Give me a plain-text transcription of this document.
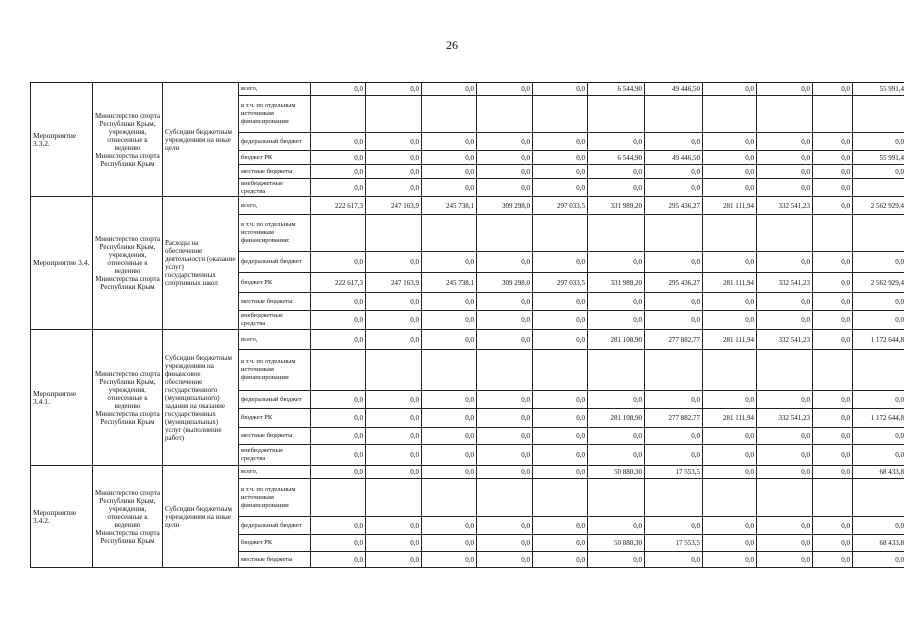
26
Мероприятие 3.3.2.	Министерство спорта Республики Крым, учреждения, отнесенные к ведению Министерства спорта Республики Крым	Субсидии бюджетным учреждениям на иные цели	всего,	0,0	0,0	0,0	0,0	0,0	6 544,90	49 446,50	0,0	0,0	0,0	55 991,4
			в т.ч. по отдельным источникам финансирования:											
			федеральный бюджет	0,0	0,0	0,0	0,0	0,0	0,0	0,0	0,0	0,0	0,0	0,0
			бюджет РК	0,0	0,0	0,0	0,0	0,0	6 544,90	49 446,50	0,0	0,0	0,0	55 991,4
			местные бюджеты	0,0	0,0	0,0	0,0	0,0	0,0	0,0	0,0	0,0	0,0	0,0
			внебюджетные средства	0,0	0,0	0,0	0,0	0,0	0,0	0,0	0,0	0,0	0,0	
Мероприятие 3.4.	Министерство спорта Республики Крым, учреждения, отнесенные к ведению Министерства спорта Республики Крым	Расходы на обеспечение деятельности (оказание услуг) государственных спортивных школ	всего,	222 617,3	247 163,9	245 738,1	309 298,0	297 033,5	331 989,20	295 436,27	281 111,94	332 541,23	0,0	2 562 929,4
			в т.ч. по отдельным источникам финансирования:											
			федеральный бюджет	0,0	0,0	0,0	0,0	0,0	0,0	0,0	0,0	0,0	0,0	0,0
			бюджет РК	222 617,3	247 163,9	245 738,1	309 298,0	297 033,5	331 989,20	295 436,27	281 111,94	332 541,23	0,0	2 562 929,4
			местные бюджеты	0,0	0,0	0,0	0,0	0,0	0,0	0,0	0,0	0,0	0,0	0,0
			внебюджетные средства	0,0	0,0	0,0	0,0	0,0	0,0	0,0	0,0	0,0	0,0	0,0
Мероприятие 3.4.1.	Министерство спорта Республики Крым, учреждения, отнесенные к ведению Министерства спорта Республики Крым	Субсидии бюджетным учреждениям на финансовое обеспечение государственного (муниципального) задания на оказание государственных (муниципальных) услуг (выполнение работ)	всего,	0,0	0,0	0,0	0,0	0,0	281 108,90	277 882,77	281 111,94	332 541,23	0,0	1 172 644,8
			в т.ч. по отдельным источникам финансирования:											
			федеральный бюджет	0,0	0,0	0,0	0,0	0,0	0,0	0,0	0,0	0,0	0,0	0,0
			бюджет РК	0,0	0,0	0,0	0,0	0,0	281 108,90	277 882,77	281 111,94	332 541,23	0,0	1 172 644,8
			местные бюджеты	0,0	0,0	0,0	0,0	0,0	0,0	0,0	0,0	0,0	0,0	0,0
			внебюджетные средства	0,0	0,0	0,0	0,0	0,0	0,0	0,0	0,0	0,0	0,0	0,0
Мероприятие 3.4.2.	Министерство спорта Республики Крым, учреждения, отнесенные к ведению Министерства спорта Республики Крым	Субсидии бюджетным учреждениям на иные цели	всего,	0,0	0,0	0,0	0,0	0,0	50 880,30	17 553,5	0,0	0,0	0,0	68 433,8
			в т.ч. по отдельным источникам финансирования:											
			федеральный бюджет	0,0	0,0	0,0	0,0	0,0	0,0	0,0	0,0	0,0	0,0	0,0
			бюджет РК	0,0	0,0	0,0	0,0	0,0	50 880,30	17 553,5	0,0	0,0	0,0	68 433,8
			местные бюджеты	0,0	0,0	0,0	0,0	0,0	0,0	0,0	0,0	0,0	0,0	0,0
